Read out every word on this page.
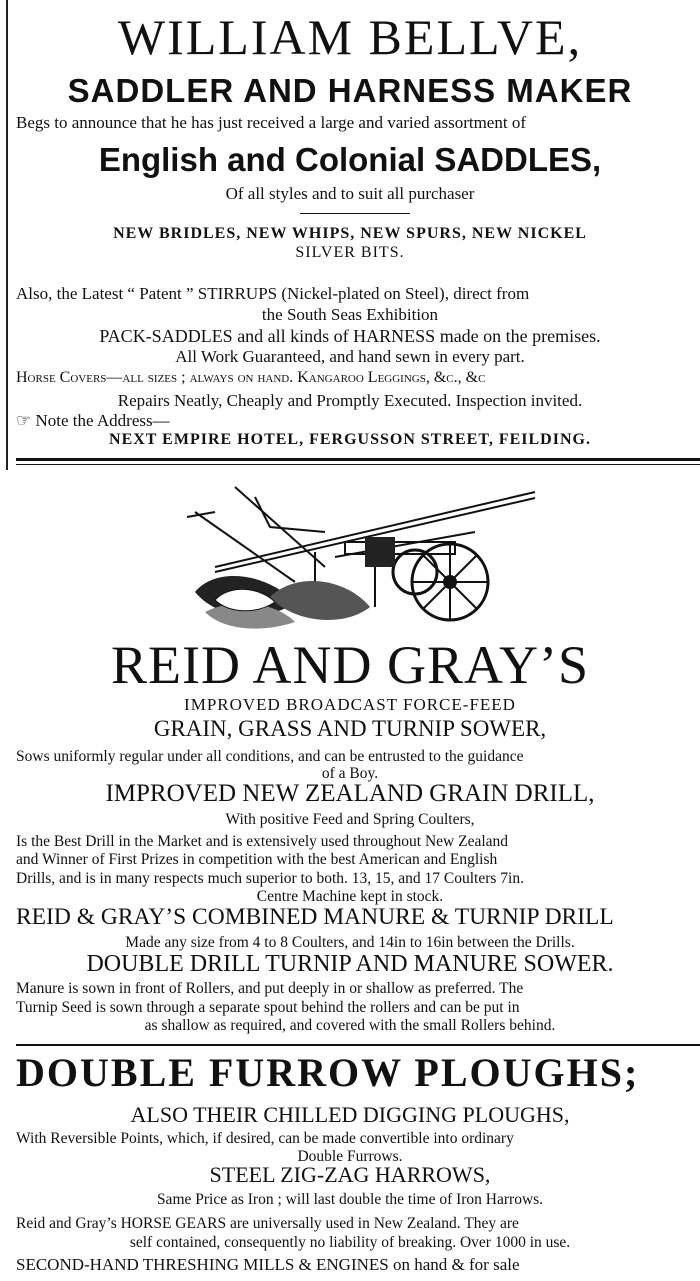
WILLIAM BELLVE,
SADDLER AND HARNESS MAKER
Begs to announce that he has just received a large and varied assortment of
English and Colonial SADDLES,
Of all styles and to suit all purchaser
NEW BRIDLES, NEW WHIPS, NEW SPURS, NEW NICKEL
SILVER BITS.
Also, the Latest “ Patent ” STIRRUPS (Nickel-plated on Steel), direct from
the South Seas Exhibition
PACK-SADDLES and all kinds of HARNESS made on the premises.
All Work Guaranteed, and hand sewn in every part.
Horse Covers—all sizes ; always on hand. Kangaroo Leggings, &c., &c
Repairs Neatly, Cheaply and Promptly Executed. Inspection invited.
☞ Note the Address—
NEXT EMPIRE HOTEL, FERGUSSON STREET, FEILDING.
REID AND GRAY’S
IMPROVED BROADCAST FORCE-FEED
GRAIN, GRASS AND TURNIP SOWER,
Sows uniformly regular under all conditions, and can be entrusted to the guidance
of a Boy.
IMPROVED NEW ZEALAND GRAIN DRILL,
With positive Feed and Spring Coulters,
Is the Best Drill in the Market and is extensively used throughout New Zealand
and Winner of First Prizes in competition with the best American and English
Drills, and is in many respects much superior to both. 13, 15, and 17 Coulters 7in.
Centre Machine kept in stock.
REID & GRAY’S COMBINED MANURE & TURNIP DRILL
Made any size from 4 to 8 Coulters, and 14in to 16in between the Drills.
DOUBLE DRILL TURNIP AND MANURE SOWER.
Manure is sown in front of Rollers, and put deeply in or shallow as preferred. The
Turnip Seed is sown through a separate spout behind the rollers and can be put in
as shallow as required, and covered with the small Rollers behind.
DOUBLE FURROW PLOUGHS;
ALSO THEIR CHILLED DIGGING PLOUGHS,
With Reversible Points, which, if desired, can be made convertible into ordinary
Double Furrows.
STEEL ZIG-ZAG HARROWS,
Same Price as Iron ; will last double the time of Iron Harrows.
Reid and Gray’s HORSE GEARS are universally used in New Zealand. They are
self contained, consequently no liability of breaking. Over 1000 in use.
SECOND-HAND THRESHING MILLS & ENGINES on hand & for sale
